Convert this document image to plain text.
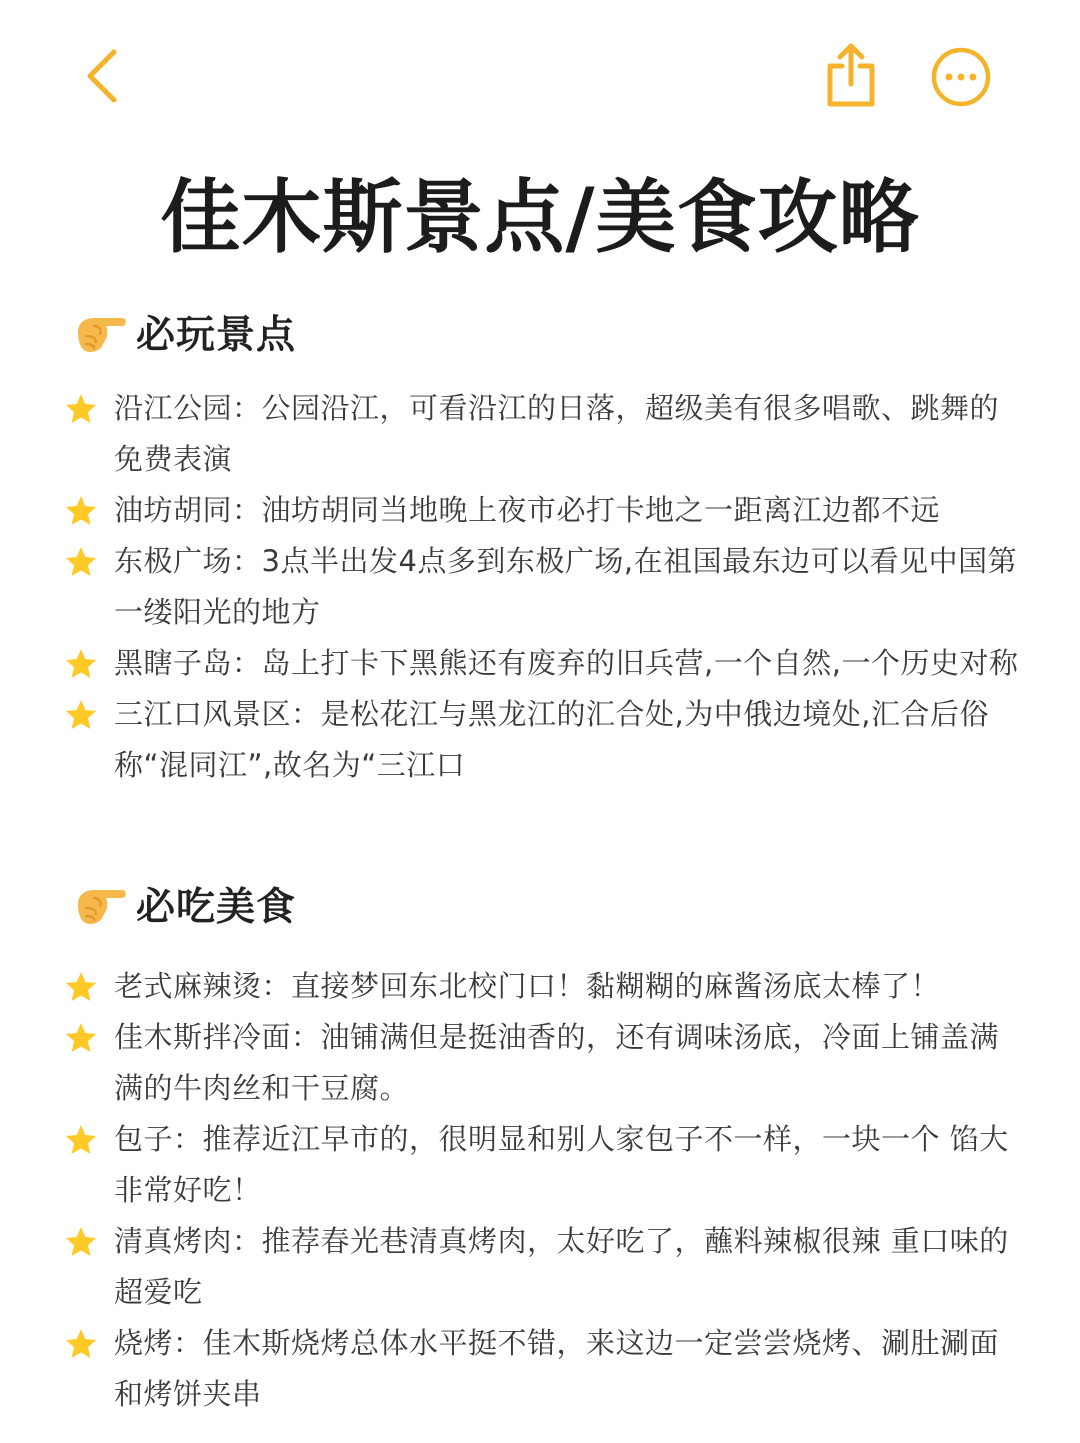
佳木斯景点/美食攻略
必玩景点
沿江公园：公园沿江，可看沿江的日落，超级美有很多唱歌、跳舞的免费表演
油坊胡同：油坊胡同当地晚上夜市必打卡地之一距离江边都不远
东极广场：3点半出发4点多到东极广场,在祖国最东边可以看见中国第一缕阳光的地方
黑瞎子岛：岛上打卡下黑熊还有废弃的旧兵营,一个自然,一个历史对称
三江口风景区：是松花江与黑龙江的汇合处,为中俄边境处,汇合后俗称“混同江”,故名为“三江口
必吃美食
老式麻辣烫：直接梦回东北校门口！黏糊糊的麻酱汤底太棒了！
佳木斯拌冷面：油铺满但是挺油香的，还有调味汤底，冷面上铺盖满满的牛肉丝和干豆腐。
包子：推荐近江早市的，很明显和别人家包子不一样，一块一个 馅大非常好吃！
清真烤肉：推荐春光巷清真烤肉，太好吃了，蘸料辣椒很辣 重口味的超爱吃
烧烤：佳木斯烧烤总体水平挺不错，来这边一定尝尝烧烤、涮肚涮面和烤饼夹串
